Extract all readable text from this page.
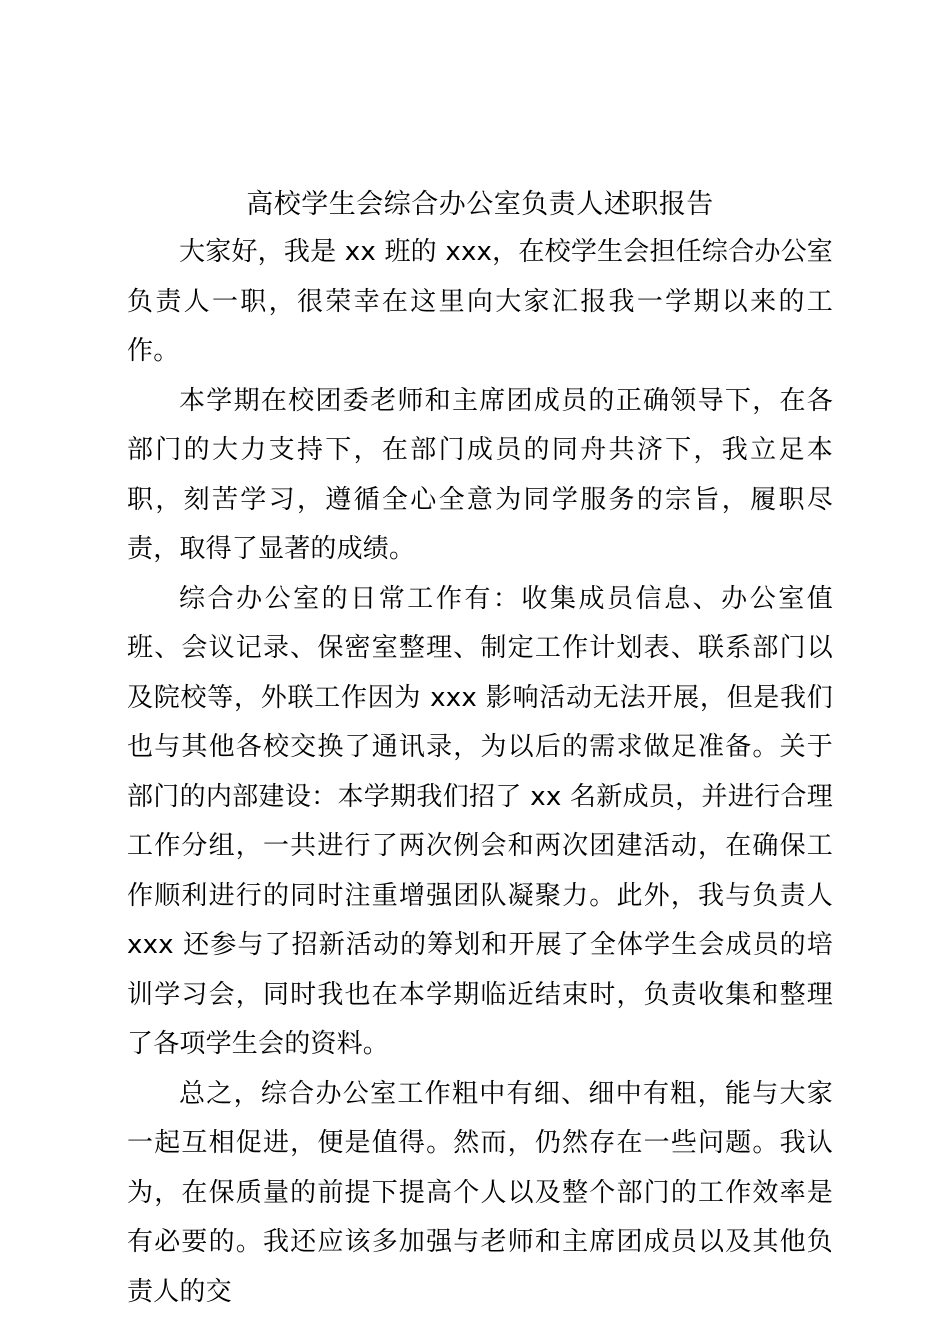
高校学生会综合办公室负责人述职报告

大家好，我是 xx 班的 xxx，在校学生会担任综合办公室负责人一职，很荣幸在这里向大家汇报我一学期以来的工作。

本学期在校团委老师和主席团成员的正确领导下，在各部门的大力支持下，在部门成员的同舟共济下，我立足本职，刻苦学习，遵循全心全意为同学服务的宗旨，履职尽责，取得了显著的成绩。

综合办公室的日常工作有：收集成员信息、办公室值班、会议记录、保密室整理、制定工作计划表、联系部门以及院校等，外联工作因为 xxx 影响活动无法开展，但是我们也与其他各校交换了通讯录，为以后的需求做足准备。关于部门的内部建设：本学期我们招了 xx 名新成员，并进行合理工作分组，一共进行了两次例会和两次团建活动，在确保工作顺利进行的同时注重增强团队凝聚力。此外，我与负责人 xxx 还参与了招新活动的筹划和开展了全体学生会成员的培训学习会，同时我也在本学期临近结束时，负责收集和整理了各项学生会的资料。

总之，综合办公室工作粗中有细、细中有粗，能与大家一起互相促进，便是值得。然而，仍然存在一些问题。我认为，在保质量的前提下提高个人以及整个部门的工作效率是有必要的。我还应该多加强与老师和主席团成员以及其他负责人的交
